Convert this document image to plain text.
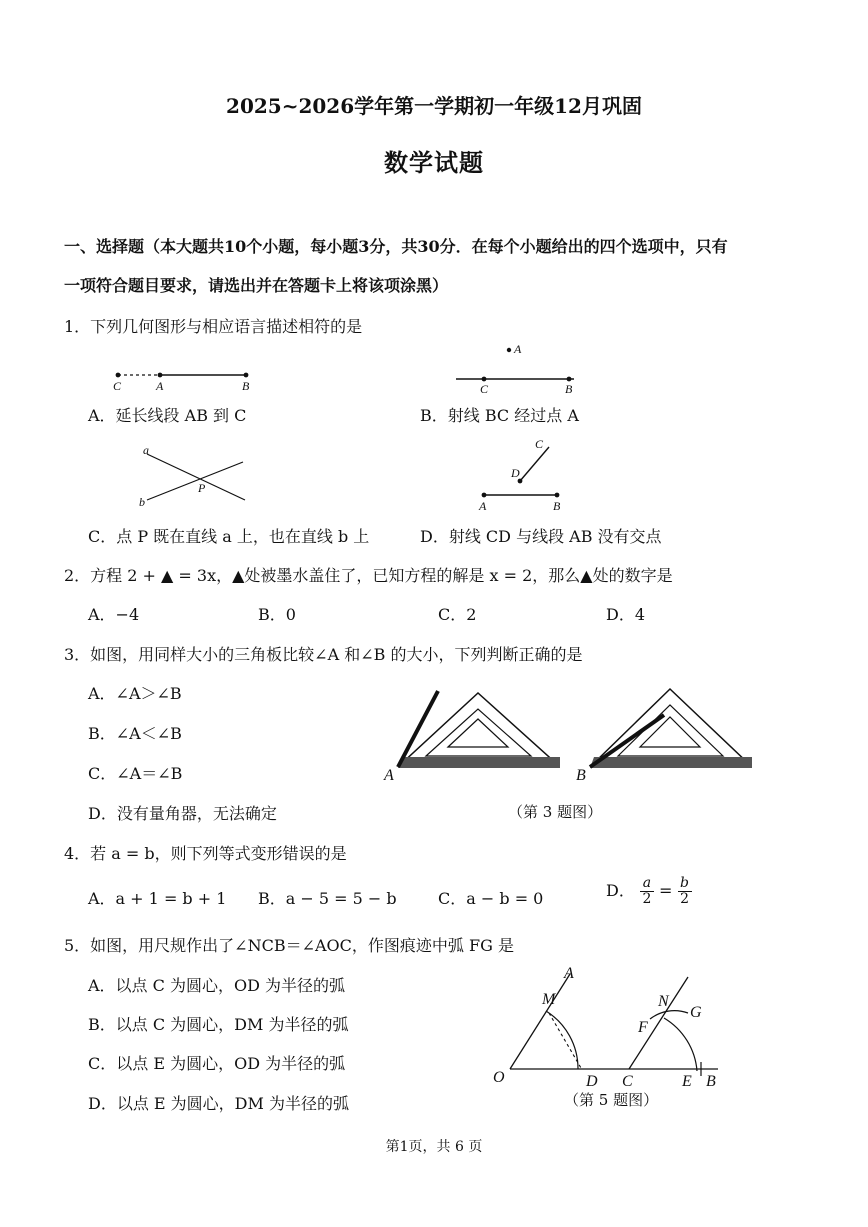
2025~2026学年第一学期初一年级12月巩固
数学试题
一、选择题（本大题共10个小题，每小题3分，共30分．在每个小题给出的四个选项中，只有
一项符合题目要求，请选出并在答题卡上将该项涂黑）
1．下列几何图形与相应语言描述相符的是
C	A	B
A
C	B
A．延长线段 AB 到 C	B．射线 BC 经过点 A
a
b
P
C
D
A	B
C．点 P 既在直线 a 上，也在直线 b 上	D．射线 CD 与线段 AB 没有交点
2．方程 2 + ▲ = 3x，▲处被墨水盖住了，已知方程的解是 x = 2，那么▲处的数字是
A．−4	B．0	C．2	D．4
3．如图，用同样大小的三角板比较∠A 和∠B 的大小，下列判断正确的是
A．∠A＞∠B
B．∠A＜∠B
C．∠A＝∠B
D．没有量角器，无法确定
A	B
（第 3 题图）
4．若 a = b，则下列等式变形错误的是
A．a + 1 = b + 1 B．a − 5 = 5 − b	C．a − b = 0	D． $\frac{a}{2} = \frac{b}{2}$
5．如图，用尺规作出了∠NCB＝∠AOC，作图痕迹中弧 FG 是
A．以点 C 为圆心，OD 为半径的弧
B．以点 C 为圆心，DM 为半径的弧
C．以点 E 为圆心，OD 为半径的弧
D．以点 E 为圆心，DM 为半径的弧
A
M	N
G
F
O	D C	E B
（第 5 题图）
第1页，共 6 页
